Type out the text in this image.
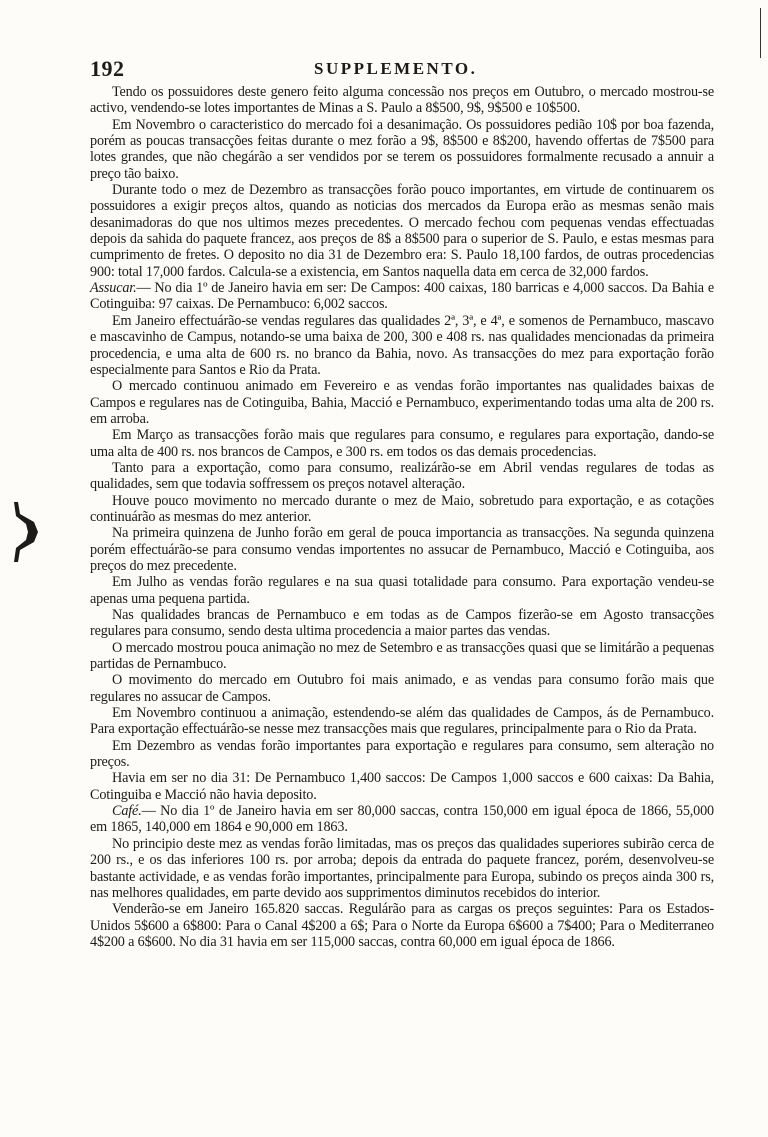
192	SUPPLEMENTO.

Tendo os possuidores deste genero feito alguma concessão nos preços em Outubro, o mercado mostrou-se activo, vendendo-se lotes importantes de Minas a S. Paulo a 8$500, 9$, 9$500 e 10$500.

Em Novembro o caracteristico do mercado foi a desanimação. Os possuidores pedião 10$ por boa fazenda, porém as poucas transacções feitas durante o mez forão a 9$, 8$500 e 8$200, havendo offertas de 7$500 para lotes grandes, que não chegárão a ser vendidos por se terem os possuidores formalmente recusado a annuir a preço tão baixo.

Durante todo o mez de Dezembro as transacções forão pouco importantes, em virtude de continuarem os possuidores a exigir preços altos, quando as noticias dos mercados da Europa erão as mesmas senão mais desanimadoras do que nos ultimos mezes precedentes. O mercado fechou com pequenas vendas effectuadas depois da sahida do paquete francez, aos preços de 8$ a 8$500 para o superior de S. Paulo, e estas mesmas para cumprimento de fretes. O deposito no dia 31 de Dezembro era: S. Paulo 18,100 fardos, de outras procedencias 900: total 17,000 fardos. Calcula-se a existencia, em Santos naquella data em cerca de 32,000 fardos.

Assucar.— No dia 1º de Janeiro havia em ser: De Campos: 400 caixas, 180 barricas e 4,000 saccos. Da Bahia e Cotinguiba: 97 caixas. De Pernambuco: 6,002 saccos.

Em Janeiro effectuárão-se vendas regulares das qualidades 2ª, 3ª, e 4ª, e somenos de Pernambuco, mascavo e mascavinho de Campus, notando-se uma baixa de 200, 300 e 408 rs. nas qualidades mencionadas da primeira procedencia, e uma alta de 600 rs. no branco da Bahia, novo. As transacções do mez para exportação forão especialmente para Santos e Rio da Prata.

O mercado continuou animado em Fevereiro e as vendas forão importantes nas qualidades baixas de Campos e regulares nas de Cotinguiba, Bahia, Macció e Pernambuco, experimentando todas uma alta de 200 rs. em arroba.

Em Março as transacções forão mais que regulares para consumo, e regulares para exportação, dando-se uma alta de 400 rs. nos brancos de Campos, e 300 rs. em todos os das demais procedencias.

Tanto para a exportação, como para consumo, realizárão-se em Abril vendas regulares de todas as qualidades, sem que todavia soffressem os preços notavel alteração.

Houve pouco movimento no mercado durante o mez de Maio, sobretudo para exportação, e as cotações continuárão as mesmas do mez anterior.

Na primeira quinzena de Junho forão em geral de pouca importancia as transacções. Na segunda quinzena porém effectuárão-se para consumo vendas importentes no assucar de Pernambuco, Macció e Cotinguiba, aos preços do mez precedente.

Em Julho as vendas forão regulares e na sua quasi totalidade para consumo. Para exportação vendeu-se apenas uma pequena partida.

Nas qualidades brancas de Pernambuco e em todas as de Campos fizerão-se em Agosto transacções regulares para consumo, sendo desta ultima procedencia a maior partes das vendas.

O mercado mostrou pouca animação no mez de Setembro e as transacções quasi que se limitárão a pequenas partidas de Pernambuco.

O movimento do mercado em Outubro foi mais animado, e as vendas para consumo forão mais que regulares no assucar de Campos.

Em Novembro continuou a animação, estendendo-se além das qualidades de Campos, ás de Pernambuco. Para exportação effectuárão-se nesse mez transacções mais que regulares, principalmente para o Rio da Prata.

Em Dezembro as vendas forão importantes para exportação e regulares para consumo, sem alteração no preços.

Havia em ser no dia 31: De Pernambuco 1,400 saccos: De Campos 1,000 saccos e 600 caixas: Da Bahia, Cotinguiba e Macció não havia deposito.

Café.— No dia 1º de Janeiro havia em ser 80,000 saccas, contra 150,000 em igual época de 1866, 55,000 em 1865, 140,000 em 1864 e 90,000 em 1863.

No principio deste mez as vendas forão limitadas, mas os preços das qualidades superiores subirão cerca de 200 rs., e os das inferiores 100 rs. por arroba; depois da entrada do paquete francez, porém, desenvolveu-se bastante actividade, e as vendas forão importantes, principalmente para Europa, subindo os preços ainda 300 rs, nas melhores qualidades, em parte devido aos supprimentos diminutos recebidos do interior.

Venderão-se em Janeiro 165.820 saccas. Regulárão para as cargas os preços seguintes: Para os Estados-Unidos 5$600 a 6$800: Para o Canal 4$200 a 6$; Para o Norte da Europa 6$600 a 7$400; Para o Mediterraneo 4$200 a 6$600. No dia 31 havia em ser 115,000 saccas, contra 60,000 em igual época de 1866.
